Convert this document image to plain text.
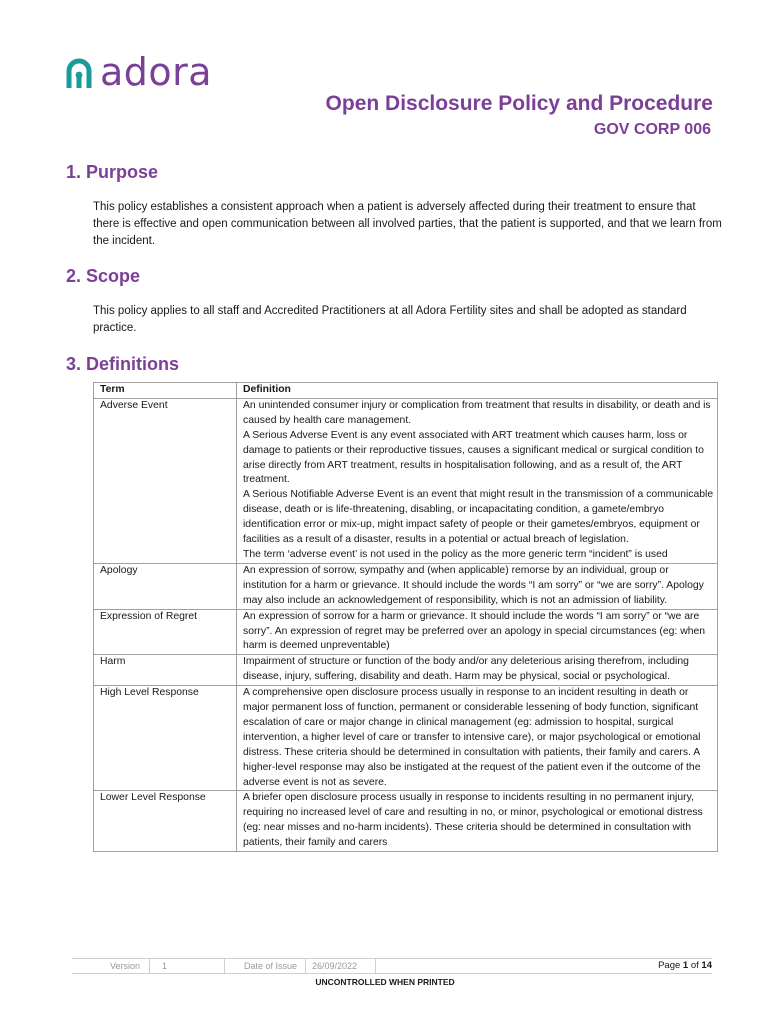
adora
Open Disclosure Policy and Procedure
GOV CORP 006
1. Purpose
This policy establishes a consistent approach when a patient is adversely affected during their treatment to ensure that there is effective and open communication between all involved parties, that the patient is supported, and that we learn from the incident.
2. Scope
This policy applies to all staff and Accredited Practitioners at all Adora Fertility sites and shall be adopted as standard practice.
3. Definitions
Term	Definition
Adverse Event	An unintended consumer injury or complication from treatment that results in disability, or death and is caused by health care management.

A Serious Adverse Event is any event associated with ART treatment which causes harm, loss or damage to patients or their reproductive tissues, causes a significant medical or surgical condition to arise directly from ART treatment, results in hospitalisation following, and as a result of, the ART treatment.

A Serious Notifiable Adverse Event is an event that might result in the transmission of a communicable disease, death or is life-threatening, disabling, or incapacitating condition, a gamete/embryo identification error or mix-up, might impact safety of people or their gametes/embryos, equipment or facilities as a result of a disaster, results in a potential or actual breach of legislation.

The term ‘adverse event’ is not used in the policy as the more generic term “incident” is used

Apology	An expression of sorrow, sympathy and (when applicable) remorse by an individual, group or institution for a harm or grievance. It should include the words “I am sorry” or “we are sorry”. Apology may also include an acknowledgement of responsibility, which is not an admission of liability.

Expression of Regret	An expression of sorrow for a harm or grievance. It should include the words “I am sorry” or “we are sorry”. An expression of regret may be preferred over an apology in special circumstances (eg: when harm is deemed unpreventable)

Harm	Impairment of structure or function of the body and/or any deleterious arising therefrom, including disease, injury, suffering, disability and death. Harm may be physical, social or psychological.

High Level Response	A comprehensive open disclosure process usually in response to an incident resulting in death or major permanent loss of function, permanent or considerable lessening of body function, significant escalation of care or major change in clinical management (eg: admission to hospital, surgical intervention, a higher level of care or transfer to intensive care), or major psychological or emotional distress. These criteria should be determined in consultation with patients, their family and carers. A higher-level response may also be instigated at the request of the patient even if the outcome of the adverse event is not as severe.

Lower Level Response	A briefer open disclosure process usually in response to incidents resulting in no permanent injury, requiring no increased level of care and resulting in no, or minor, psychological or emotional distress (eg: near misses and no-harm incidents). These criteria should be determined in consultation with patients, their family and carers

Version 1	Date of Issue 26/09/2022	Page 1 of 14
UNCONTROLLED WHEN PRINTED
